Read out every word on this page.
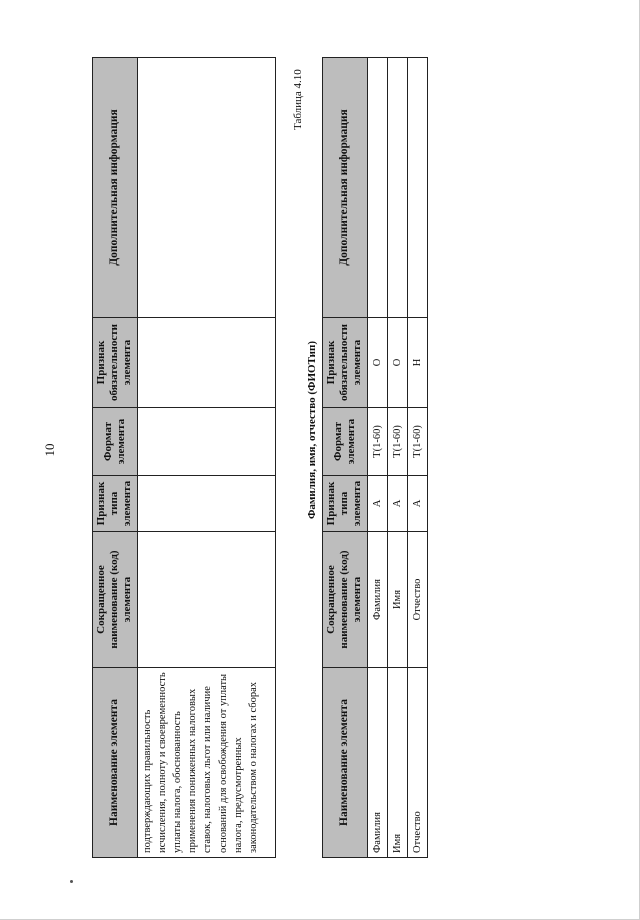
10
Наименование элемента	Сокращенное наименование (код) элемента	Признак типа элемента	Формат элемента	Признак обязательности элемента	Дополнительная информация
подтверждающих правильность исчисления, полноту и своевременность уплаты налога, обоснованность применения пониженных налоговых ставок, налоговых льгот или наличие оснований для освобождения от уплаты налога, предусмотренных законодательством о налогах и сборах					
Таблица 4.10
Фамилия, имя, отчество (ФИОТип)
Наименование элемента	Сокращенное наименование (код) элемента	Признак типа элемента	Формат элемента	Признак обязательности элемента	Дополнительная информация
Фамилия	Фамилия	А	T(1-60)	О	
Имя	Имя	А	T(1-60)	О	
Отчество	Отчество	А	T(1-60)	Н	
